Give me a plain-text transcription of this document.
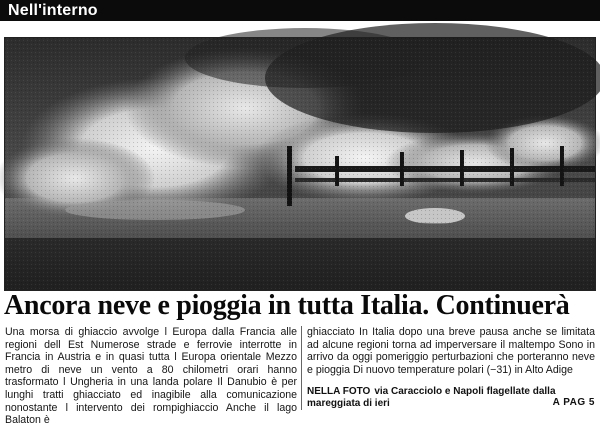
Nell'interno
Ancora neve e pioggia in tutta Italia. Continuerà
Una morsa di ghiaccio avvolge l Europa dalla Francia alle regioni dell Est Numerose strade e ferrovie interrotte in Francia in Austria e in quasi tutta l Europa orientale Mezzo metro di neve un vento a 80 chilometri orari hanno trasformato l Ungheria in una landa polare Il Danubio è per lunghi tratti ghiacciato ed inagibile alla comunicazione nonostante l intervento dei rompighiaccio Anche il lago Balaton è
ghiacciato In Italia dopo una breve pausa anche se limitata ad alcune regioni torna ad imperversare il maltempo Sono in arrivo da oggi pomeriggio perturbazioni che porteranno neve e pioggia Di nuovo temperature polari (−31) in Alto Adige
NELLA FOTO via Caracciolo e Napoli flagellate dalla mareggiata di ieri	A PAG 5
